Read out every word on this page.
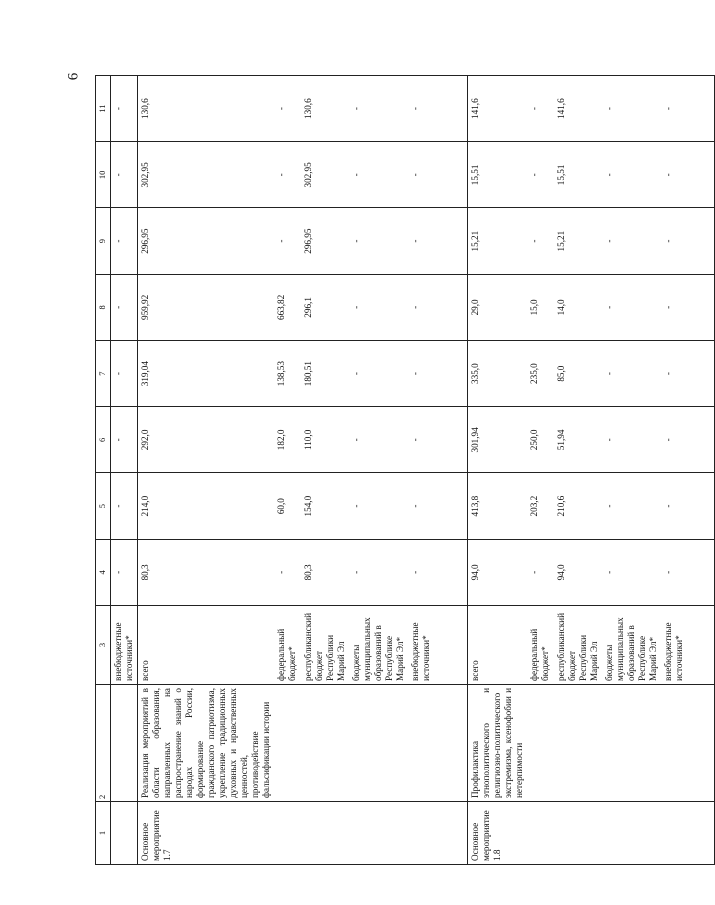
6
1	2	3	4	5	6	7	8	9	10	11
		внебюджетные источники*	-	-	-	-	-	-	-	-
Основное мероприятие 1.7	Реализация мероприятий в области образования, направленных на распространение знаний о народах России, формирование гражданского патриотизма, укрепление традиционных духовных и нравственных ценностей, противодействие фальсификации истории	всего	80,3	214,0	292,0	319,04	959,92	296,95	302,95	130,6
		федеральный бюджет*	-	60,0	182,0	138,53	663,82	-	-	-
		республиканский бюджет Республики Марий Эл	80,3	154,0	110,0	180,51	296,1	296,95	302,95	130,6
		бюджеты муниципальных образований в Республике Марий Эл*	-	-	-	-	-	-	-	-
		внебюджетные источники*	-	-	-	-	-	-	-	-
Основное мероприятие 1.8	Профилактика этнополитического и религиозно-политического экстремизма, ксенофобии и нетерпимости	всего	94,0	413,8	301,94	335,0	29,0	15,21	15,51	141,6
		федеральный бюджет*	-	203,2	250,0	235,0	15,0	-	-	-
		республиканский бюджет Республики Марий Эл	94,0	210,6	51,94	85,0	14,0	15,21	15,51	141,6
		бюджеты муниципальных образований в Республике Марий Эл*	-	-	-	-	-	-	-	-
		внебюджетные источники*	-	-	-	-	-	-	-	-
